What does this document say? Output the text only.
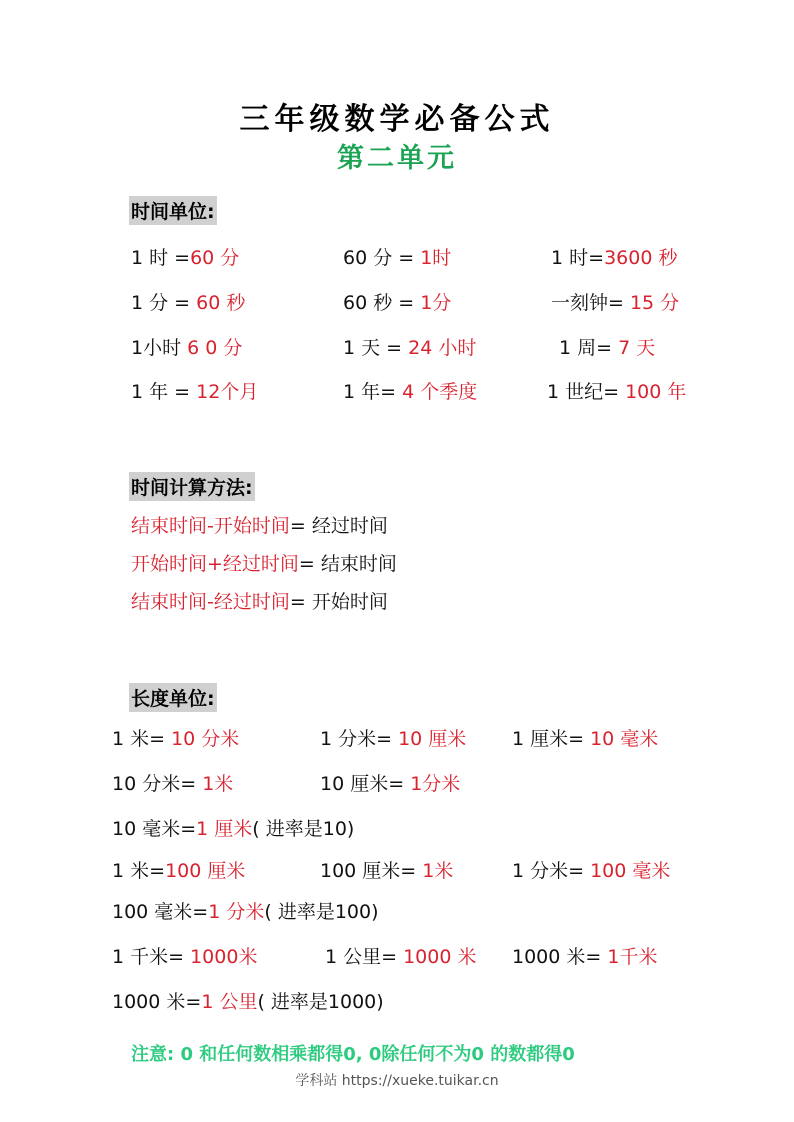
三年级数学必备公式
第二单元
时间单位:
1 时 =60 分	60 分 = 1时	1 时=3600 秒
1 分 = 60 秒	60 秒 = 1分	一刻钟= 15 分
1小时 6 0 分	1 天 = 24 小时	1 周= 7 天
1 年 = 12个月	1 年= 4 个季度	1 世纪= 100 年
时间计算方法:
结束时间-开始时间= 经过时间
开始时间+经过时间= 结束时间
结束时间-经过时间= 开始时间
长度单位:
1 米= 10 分米	1 分米= 10 厘米 1 厘米= 10 毫米
10 分米= 1米	10 厘米= 1分米
10 毫米=1 厘米( 进率是10)
1 米=100 厘米	100 厘米= 1米	1 分米= 100 毫米
100 毫米=1 分米( 进率是100)
1 千米= 1000米	1 公里= 1000 米 1000 米= 1千米
1000 米=1 公里( 进率是1000)
注意: 0 和任何数相乘都得0, 0除任何不为0 的数都得0
学科站 https://xueke.tuikar.cn
